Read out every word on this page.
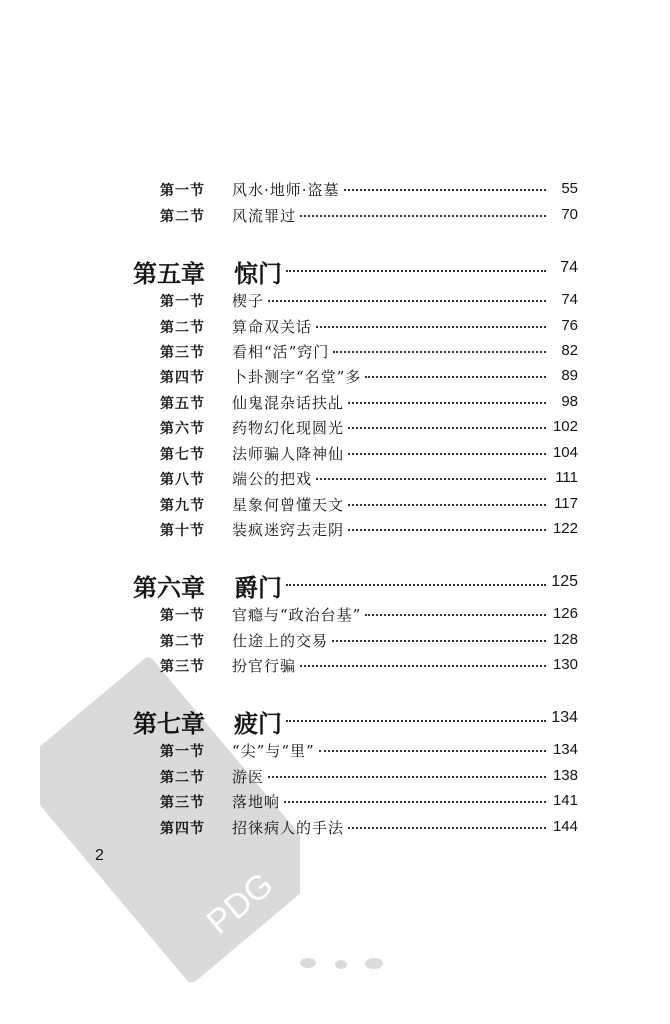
第一节 风水·地师·盗墓	55
第二节 风流罪过	70
第五章 惊门	74
第一节 楔子	74
第二节 算命双关话	76
第三节 看相“活”窍门	82
第四节 卜卦测字“名堂”多	89
第五节 仙鬼混杂话扶乩	98
第六节 药物幻化现圆光	102
第七节 法师骗人降神仙	104
第八节 端公的把戏	111
第九节 星象何曾懂天文	117
第十节 装疯迷窍去走阴	122
第六章 爵门	125
第一节 官瘾与“政治台基”	126
第二节 仕途上的交易	128
第三节 扮官行骗	130
第七章 疲门	134
第一节 “尖”与“里”	134
第二节 游医	138
第三节 落地响	141
第四节 招徕病人的手法	144
2
PDG
